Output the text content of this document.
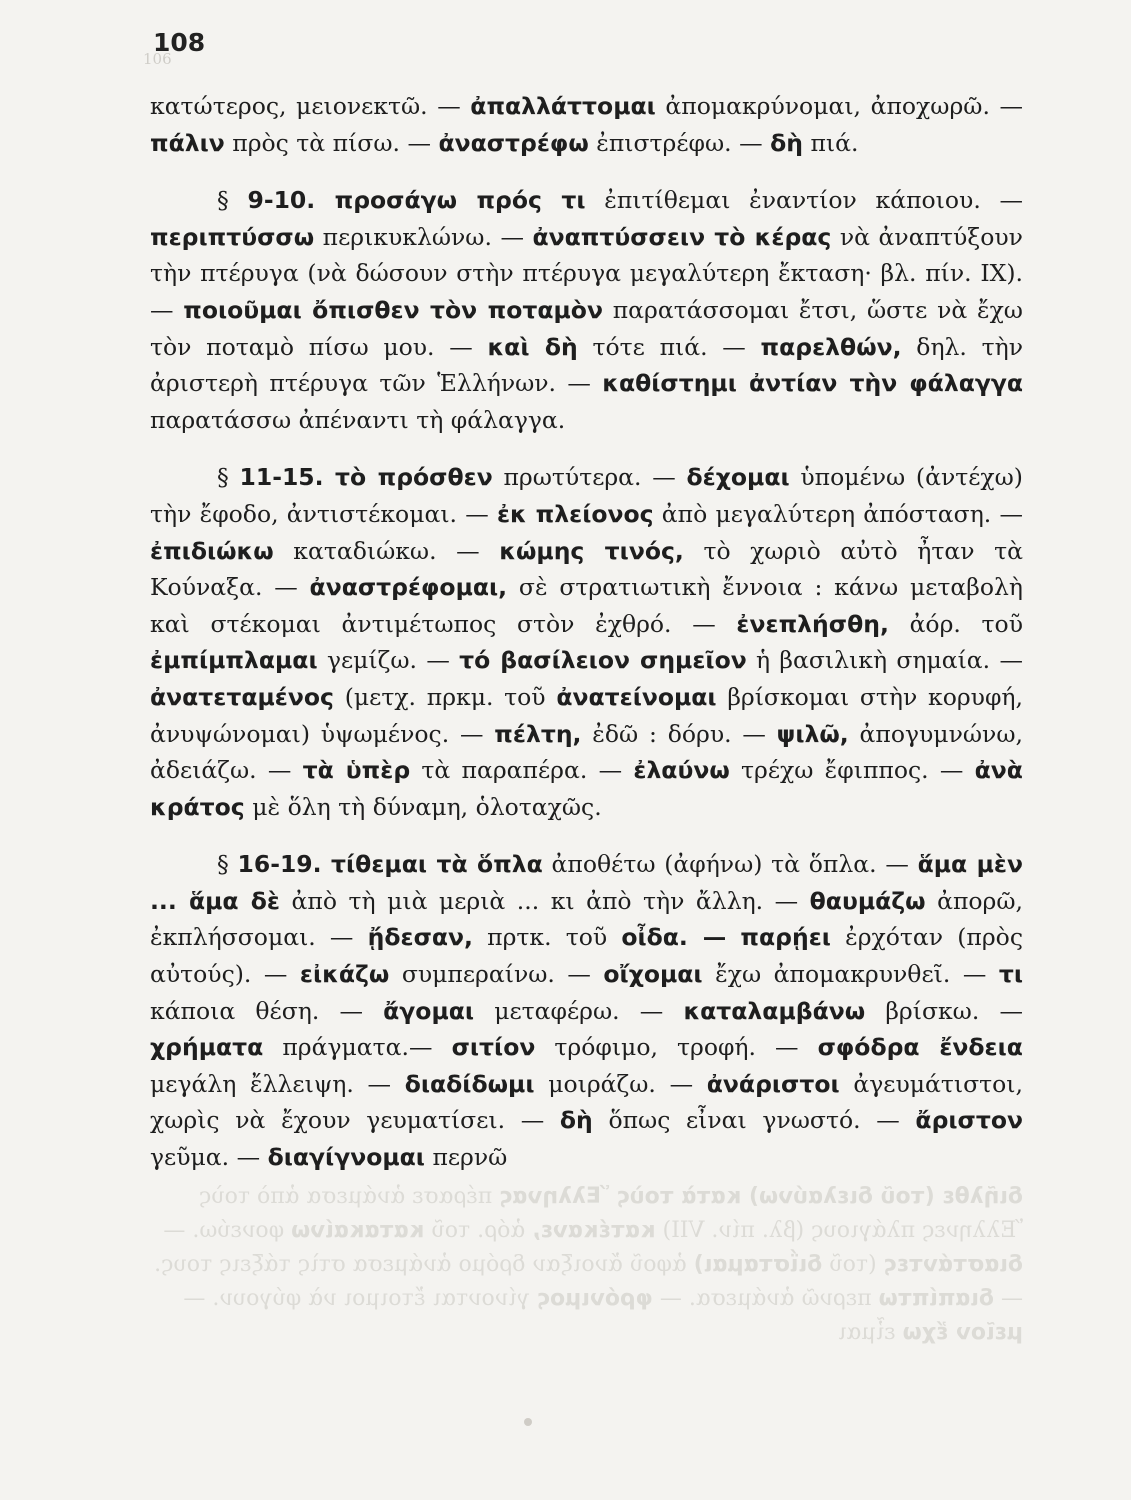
106
108

κατώτερος, μειονεκτῶ. — ἀπαλλάττομαι ἀπομακρύνομαι, ἀποχωρῶ. — πάλιν πρὸς τὰ πίσω. — ἀναστρέφω ἐπιστρέφω. — δὴ πιά.

§ 9-10. προσάγω πρός τι ἐπιτίθεμαι ἐναντίον κάποιου. — περιπτύσσω περικυκλώνω. — ἀναπτύσσειν τὸ κέρας νὰ ἀναπτύξουν τὴν πτέρυγα (νὰ δώσουν στὴν πτέρυγα μεγαλύτερη ἔκταση· βλ. πίν. IX). — ποιοῦμαι ὄπισθεν τὸν ποταμὸν παρατάσσομαι ἔτσι, ὥστε νὰ ἔχω τὸν ποταμὸ πίσω μου. — καὶ δὴ τότε πιά. — παρελθών, δηλ. τὴν ἀριστερὴ πτέρυγα τῶν Ἑλλήνων. — καθίστημι ἀντίαν τὴν φάλαγγα παρατάσσω ἀπέναντι τὴ φάλαγγα.

§ 11-15. τὸ πρόσθεν πρωτύτερα. — δέχομαι ὑπομένω (ἀντέχω) τὴν ἔφοδο, ἀντιστέκομαι. — ἐκ πλείονος ἀπὸ μεγαλύτερη ἀπόσταση. — ἐπιδιώκω καταδιώκω. — κώμης τινός, τὸ χωριὸ αὐτὸ ἦταν τὰ Κούναξα. — ἀναστρέφομαι, σὲ στρατιωτικὴ ἔννοια : κάνω μεταβολὴ καὶ στέκομαι ἀντιμέτωπος στὸν ἐχθρό. — ἐνεπλήσθη, ἀόρ. τοῦ ἐμπίμπλαμαι γεμίζω. — τό βασίλειον σημεῖον ἡ βασιλικὴ σημαία. — ἀνατεταμένος (μετχ. πρκμ. τοῦ ἀνατείνομαι βρίσκομαι στὴν κορυφή, ἀνυψώνομαι) ὑψωμένος. — πέλτη, ἐδῶ : δόρυ. — ψιλῶ, ἀπογυμνώνω, ἀδειάζω. — τὰ ὑπὲρ τὰ παραπέρα. — ἐλαύνω τρέχω ἔφιππος. — ἀνὰ κράτος μὲ ὅλη τὴ δύναμη, ὁλοταχῶς.

§ 16-19. τίθεμαι τὰ ὅπλα ἀποθέτω (ἀφήνω) τὰ ὅπλα. — ἅμα μὲν ... ἅμα δὲ ἀπὸ τὴ μιὰ μεριὰ ... κι ἀπὸ τὴν ἄλλη. — θαυμάζω ἀπορῶ, ἐκπλήσσομαι. — ᾔδεσαν, πρτκ. τοῦ οἶδα. — παρῄει ἐρχόταν (πρὸς αὐτούς). — εἰκάζω συμπεραίνω. — οἴχομαι ἔχω ἀπομακρυνθεῖ. — τι κάποια θέση. — ἄγομαι μεταφέρω. — καταλαμβάνω βρίσκω. — χρήματα πράγματα.— σιτίον τρόφιμο, τροφή. — σφόδρα ἔνδεια μεγάλη ἔλλειψη. — διαδίδωμι μοιράζω. — ἀνάριστοι ἀγευμάτιστοι, χωρὶς νὰ ἔχουν γευματίσει. — δὴ ὅπως εἶναι γνωστό. — ἄριστον γεῦμα. — διαγίγνομαι περνῶ

διῆλθε (τοῦ διελαύνω) κατὰ τοὺς Ἕλληνας πέρασε ἀνάμεσα ἀπὸ τοὺς Ἕλληνες πλάγιους (βλ. πίν. VII) κατέκανε, ἀόρ. τοῦ κατακαίνω φονεύω. — διαστάντες (τοῦ διΐσταμαι) ἀφοῦ ἄνοιξαν δρόμο ἀνάμεσα στὶς τάξεις τους. — διαπίπτω περνῶ ἀνάμεσα. — φρόνιμος γίνονται ἔτοιμοι νὰ φύγουν. — μεῖον ἔχω εἶμαι
